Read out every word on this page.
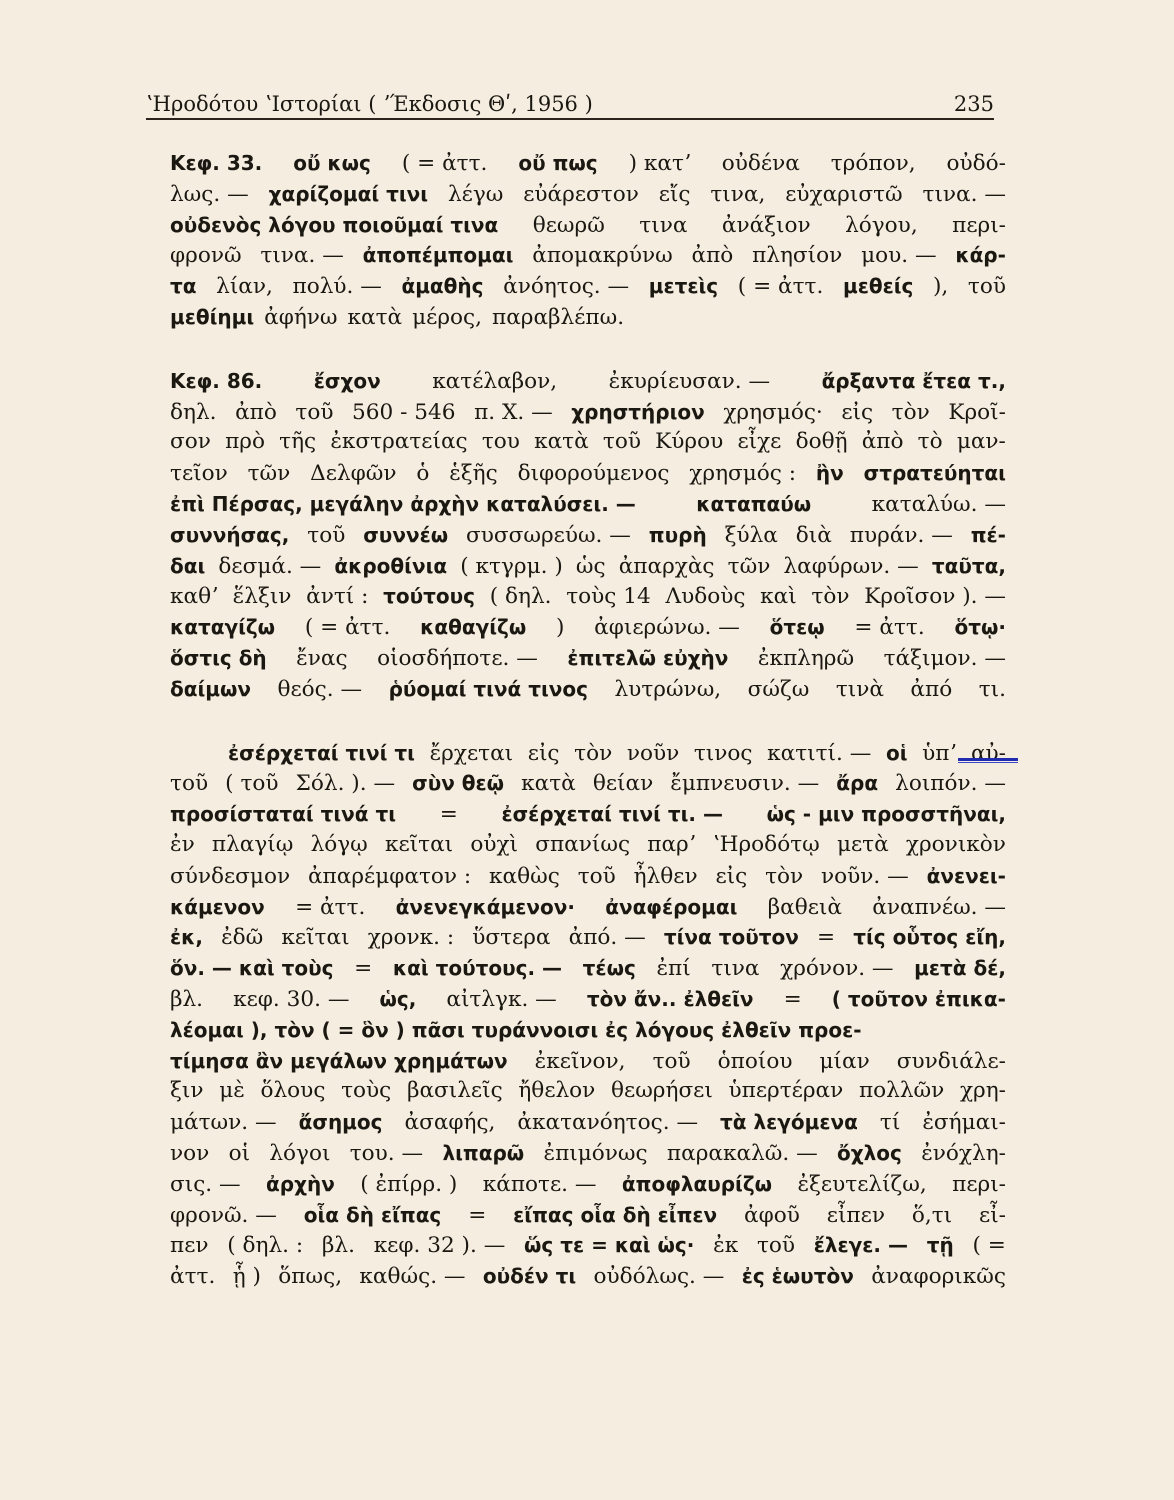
ʽΗροδότου ʽΙστορίαι ( ʼΈκδοσις Θʹ, 1956 )	235
Κεφ. 33. οὔ κως ( = ἀττ. οὔ πως ) κατʼ οὐδένα τρόπον, οὐδό-
λως. — χαρίζομαί τινι λέγω εὐάρεστον εἴς τινα, εὐχαριστῶ τινα. —
οὐδενὸς λόγου ποιοῦμαί τινα θεωρῶ τινα ἀνάξιον λόγου, περι-
φρονῶ τινα. — ἀποπέμπομαι ἀπομακρύνω ἀπὸ πλησίον μου. — κάρ-
τα λίαν, πολύ. — ἀμαθὴς ἀνόητος. — μετεὶς ( = ἀττ. μεθείς ), τοῦ
μεθίημι ἀφήνω κατὰ μέρος, παραβλέπω.
Κεφ. 86.	ἔσχον κατέλαβον, ἐκυρίευσαν. —	ἄρξαντα ἔτεα τ.,
δηλ. ἀπὸ τοῦ 560 - 546 π. Χ. — χρηστήριον χρησμός· εἰς τὸν Κροῖ-
σον πρὸ τῆς ἐκστρατείας του κατὰ τοῦ Κύρου εἶχε δοθῇ ἀπὸ τὸ μαν-
τεῖον τῶν Δελφῶν ὁ ἑξῆς διφορούμενος χρησμός : ἢν στρατεύηται
ἐπὶ Πέρσας, μεγάλην ἀρχὴν καταλύσει. —	καταπαύω	καταλύω. —
συννήσας, τοῦ συννέω συσσωρεύω. — πυρὴ ξύλα διὰ πυράν. — πέ-
δαι δεσμά. — ἀκροθίνια ( κτγρμ. ) ὡς ἀπαρχὰς τῶν λαφύρων. — ταῦτα,
καθʼ ἕλξιν ἀντί : τούτους ( δηλ. τοὺς 14 Λυδοὺς καὶ τὸν Κροῖσον ). —
καταγίζω ( = ἀττ. καθαγίζω ) ἀφιερώνω. — ὅτεῳ = ἀττ. ὅτῳ·
ὅστις δὴ ἔνας οἱοσδήποτε. — ἐπιτελῶ εὐχὴν ἐκπληρῶ τάξιμον. —
δαίμων θεός. — ῥύομαί τινά τινος λυτρώνω, σώζω τινὰ ἀπό τι.
ἐσέρχεταί τινί τι ἔρχεται εἰς τὸν νοῦν τινος κατιτί. — οἱ ὑπʼ αὐ-
τοῦ ( τοῦ Σόλ. ). — σὺν θεῷ κατὰ θείαν ἔμπνευσιν. — ἄρα λοιπόν. —
προσίσταταί τινά τι = ἐσέρχεταί τινί τι. — ὡς - μιν προσστῆναι,
ἐν πλαγίῳ λόγῳ κεῖται οὐχὶ σπανίως παρʼ ʽΗροδότῳ μετὰ χρονικὸν
σύνδεσμον ἀπαρέμφατον : καθὼς τοῦ ἦλθεν εἰς τὸν νοῦν. — ἀνενει-
κάμενον = ἀττ. ἀνενεγκάμενον· ἀναφέρομαι βαθειὰ ἀναπνέω. —
ἐκ, ἐδῶ κεῖται χρονκ. : ὕστερα ἀπό. — τίνα τοῦτον = τίς οὗτος εἴη,
ὅν. — καὶ τοὺς = καὶ τούτους. — τέως ἐπί τινα χρόνον. — μετὰ δέ,
βλ. κεφ. 30. — ὡς, αἰτλγκ. — τὸν ἄν.. ἐλθεῖν = ( τοῦτον ἐπικα-
λέομαι ), τὸν ( = ὃν ) πᾶσι τυράννοισι ἐς λόγους ἐλθεῖν προε-
τίμησα ἂν μεγάλων χρημάτων ἐκεῖνον, τοῦ ὁποίου μίαν συνδιάλε-
ξιν μὲ ὅλους τοὺς βασιλεῖς ἤθελον θεωρήσει ὑπερτέραν πολλῶν χρη-
μάτων. — ἄσημος ἀσαφής, ἀκατανόητος. — τὰ λεγόμενα τί ἐσήμαι-
νον οἱ λόγοι του. — λιπαρῶ ἐπιμόνως παρακαλῶ. — ὄχλος ἐνόχλη-
σις. — ἀρχὴν ( ἐπίρρ. ) κάποτε. — ἀποφλαυρίζω ἐξευτελίζω, περι-
φρονῶ. — οἷα δὴ εἴπας = εἴπας οἷα δὴ εἶπεν ἀφοῦ εἶπεν ὅ,τι εἶ-
πεν ( δηλ. : βλ. κεφ. 32 ). — ὥς τε = καὶ ὡς· ἐκ τοῦ ἔλεγε. — τῇ ( =
ἀττ. ᾗ ) ὅπως, καθώς. — οὐδέν τι οὐδόλως. — ἐς ἑωυτὸν ἀναφορικῶς
